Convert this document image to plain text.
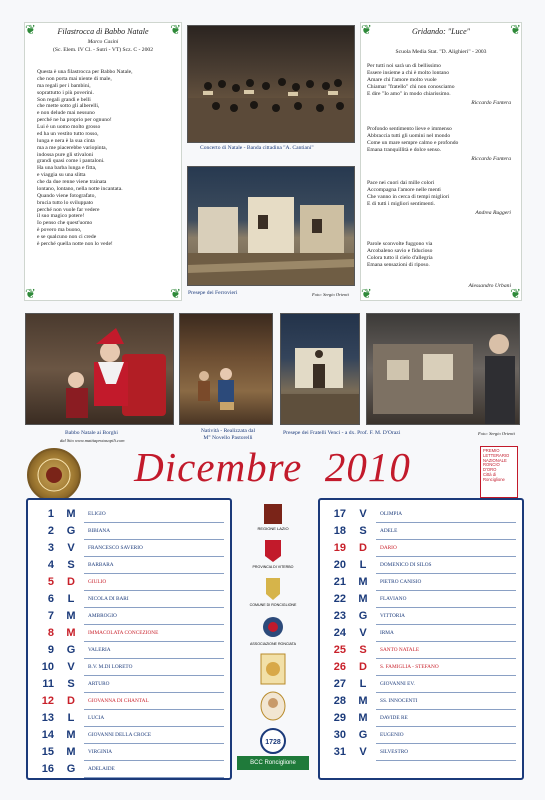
❦	❦
❦	❦
Filastrocca di Babbo Natale
Marco Casini
(Sc. Elem. IV Cl. - Sutri - VT) Scz. C - 2002
Questa è una filastrocca per Babbo Natale,
che non porta mai niente di male,
ma regali per i bambini,
soprattutto i più poverini.
Son regali grandi e belli
che mette sotto gli alberelli,
e non delude mai nessuno
perché ne ha proprio per ognuno!
Lui è un uomo molto grosso
ed ha un vestito tutto rosso,
lunga e nera è la sua cinta
ma a me piacerebbe variopinta,
indossa pure gli stivaloni
grandi quasi come i pantaloni.
Ha una barba lunga e fitta,
e viaggia su una slitta
che da due renne viene trainata
lontano, lontano, nella notte incantata.
Quando viene fotografato,
brucia tutto lo sviluppato
perché non vuole far vedere
il suo magico potere!
Io penso che quest'uomo
è povero ma buono,
e se qualcuno non ci crede
è perché quella notte non lo vede!
❦	❦
❦	❦
Gridando: "Luce"
Scuola Media Stat. "D. Alighieri" - 2003
Per tutti noi sarà un dì bellissimo
Essere insieme a chi è molto lontano
Amare chi l'amore molto vuole
Chiamar "fratello" chi non conosciamo
E dire "Io amo" in modo chiarissimo.
Riccardo Fantera
Profondo sentimento lieve e immenso
Abbraccia tutti gli uomini nel mondo
Come un mare sempre calmo e profondo
Emana tranquillità e dolce senso.
Riccardo Fantera
Pace nei cuori dai mille colori
Accompagna l'amore nelle menti
Che vanno in cerca di tempi migliori
E di tutti i migliori sentimenti.
Andrea Ruggeri
Parole sconvolte fuggono via
Arcobaleno savio e fiducioso
Colora tutto il cielo d'allegria
Emana sensazioni di riposo.
Alessandro Urbani
Concerto di Natale - Banda cittadina "A. Cantiani"
Presepe dei Ferrovieri	Foto: Sergio Orienti
Babbo Natale ai Borghi
dal Sito www.mattiaprotasopili.com
Natività - Realizzata dal
M° Novello Pastorelli
Presepe dei Fratelli Venci - a dx. Prof. F. M. D'Orazi	Foto: Sergio Orienti
Dicembre 2010	PREMIO
LETTERARIO
NAZIONALE
RONCIO
D'ORO
Città di Ronciglione
1 M	ELIGIO
2 G	BIBIANA
3	V	FRANCESCO SAVERIO
4	S	BARBARA
5 D	GIULIO
6	L	NICOLA DI BARI
7 M	AMBROGIO
8 M	IMMACOLATA CONCEZIONE
9 G	VALERIA
10	V	B.V. M.DI LORETO
11	S	ARTURO
12 D	GIOVANNA DI CHANTAL
13	L	LUCIA
14 M	GIOVANNI DELLA CROCE
15 M	VIRGINIA
16 G	ADELAIDE
REGIONE LAZIO
PROVINCIA DI VITERBO
COMUNE DI RONCIGLIONE
ASSOCIAZIONE RONCIATA
1728
BCC Ronciglione
17	V	OLIMPIA
18	S	ADELE
19 D	DARIO
20	L	DOMENICO DI SILOS
21 M	PIETRO CANISIO
22 M	FLAVIANO
23 G	VITTORIA
24	V	IRMA
25	S	SANTO NATALE
26 D	S. FAMIGLIA - STEFANO
27	L	GIOVANNI EV.
28 M	SS. INNOCENTI
29 M	DAVIDE RE
30 G	EUGENIO
31	V	SILVESTRO
